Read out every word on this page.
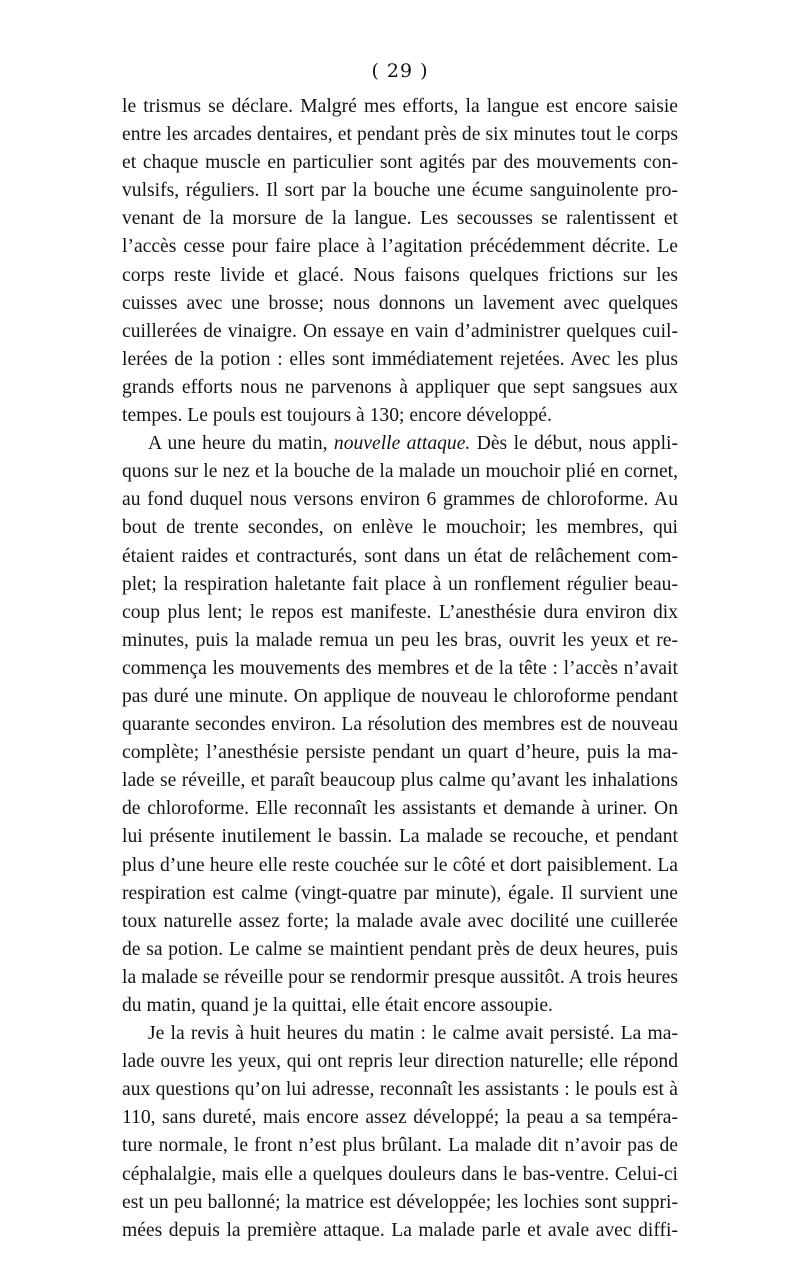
( 29 )

le trismus se déclare. Malgré mes efforts, la langue est encore saisie
entre les arcades dentaires, et pendant près de six minutes tout le corps
et chaque muscle en particulier sont agités par des mouvements con-
vulsifs, réguliers. Il sort par la bouche une écume sanguinolente pro-
venant de la morsure de la langue. Les secousses se ralentissent et
l’accès cesse pour faire place à l’agitation précédemment décrite. Le
corps reste livide et glacé. Nous faisons quelques frictions sur les
cuisses avec une brosse; nous donnons un lavement avec quelques
cuillerées de vinaigre. On essaye en vain d’administrer quelques cuil-
lerées de la potion : elles sont immédiatement rejetées. Avec les plus
grands efforts nous ne parvenons à appliquer que sept sangsues aux
tempes. Le pouls est toujours à 130; encore développé.

A une heure du matin, nouvelle attaque. Dès le début, nous appli-
quons sur le nez et la bouche de la malade un mouchoir plié en cornet,
au fond duquel nous versons environ 6 grammes de chloroforme. Au
bout de trente secondes, on enlève le mouchoir; les membres, qui
étaient raides et contracturés, sont dans un état de relâchement com-
plet; la respiration haletante fait place à un ronflement régulier beau-
coup plus lent; le repos est manifeste. L’anesthésie dura environ dix
minutes, puis la malade remua un peu les bras, ouvrit les yeux et re-
commença les mouvements des membres et de la tête : l’accès n’avait
pas duré une minute. On applique de nouveau le chloroforme pendant
quarante secondes environ. La résolution des membres est de nouveau
complète; l’anesthésie persiste pendant un quart d’heure, puis la ma-
lade se réveille, et paraît beaucoup plus calme qu’avant les inhalations
de chloroforme. Elle reconnaît les assistants et demande à uriner. On
lui présente inutilement le bassin. La malade se recouche, et pendant
plus d’une heure elle reste couchée sur le côté et dort paisiblement. La
respiration est calme (vingt-quatre par minute), égale. Il survient une
toux naturelle assez forte; la malade avale avec docilité une cuillerée
de sa potion. Le calme se maintient pendant près de deux heures, puis
la malade se réveille pour se rendormir presque aussitôt. A trois heures
du matin, quand je la quittai, elle était encore assoupie.

Je la revis à huit heures du matin : le calme avait persisté. La ma-
lade ouvre les yeux, qui ont repris leur direction naturelle; elle répond
aux questions qu’on lui adresse, reconnaît les assistants : le pouls est à
110, sans dureté, mais encore assez développé; la peau a sa tempéra-
ture normale, le front n’est plus brûlant. La malade dit n’avoir pas de
céphalalgie, mais elle a quelques douleurs dans le bas-ventre. Celui-ci
est un peu ballonné; la matrice est développée; les lochies sont suppri-
mées depuis la première attaque. La malade parle et avale avec diffi-
